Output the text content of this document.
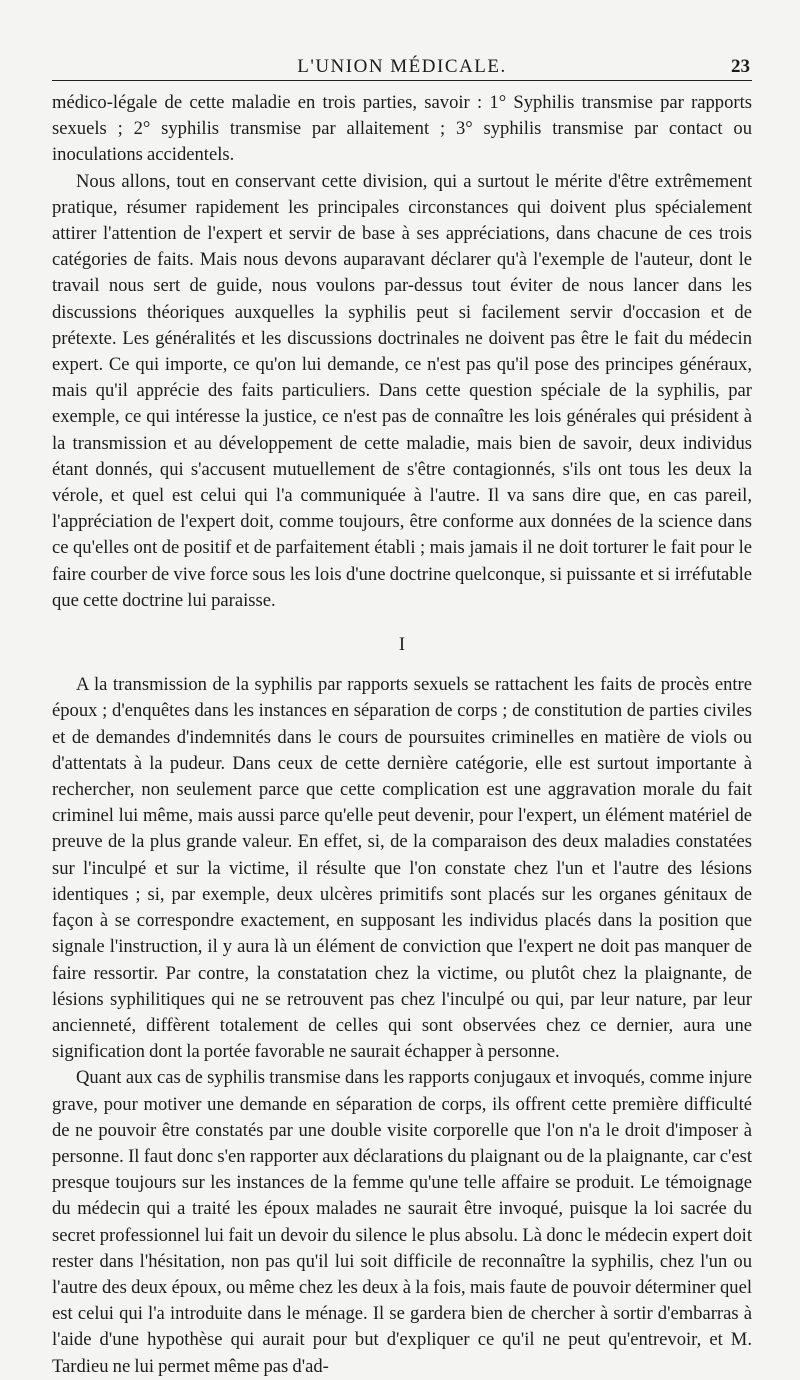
L'UNION MÉDICALE.	23

médico-légale de cette maladie en trois parties, savoir : 1° Syphilis transmise par rapports sexuels ; 2° syphilis transmise par allaitement ; 3° syphilis transmise par contact ou inoculations accidentels.

Nous allons, tout en conservant cette division, qui a surtout le mérite d'être extrêmement pratique, résumer rapidement les principales circonstances qui doivent plus spécialement attirer l'attention de l'expert et servir de base à ses appréciations, dans chacune de ces trois catégories de faits. Mais nous devons auparavant déclarer qu'à l'exemple de l'auteur, dont le travail nous sert de guide, nous voulons par-dessus tout éviter de nous lancer dans les discussions théoriques auxquelles la syphilis peut si facilement servir d'occasion et de prétexte. Les généralités et les discussions doctrinales ne doivent pas être le fait du médecin expert. Ce qui importe, ce qu'on lui demande, ce n'est pas qu'il pose des principes généraux, mais qu'il apprécie des faits particuliers. Dans cette question spéciale de la syphilis, par exemple, ce qui intéresse la justice, ce n'est pas de connaître les lois générales qui président à la transmission et au développement de cette maladie, mais bien de savoir, deux individus étant donnés, qui s'accusent mutuellement de s'être contagionnés, s'ils ont tous les deux la vérole, et quel est celui qui l'a communiquée à l'autre. Il va sans dire que, en cas pareil, l'appréciation de l'expert doit, comme toujours, être conforme aux données de la science dans ce qu'elles ont de positif et de parfaitement établi ; mais jamais il ne doit torturer le fait pour le faire courber de vive force sous les lois d'une doctrine quelconque, si puissante et si irréfutable que cette doctrine lui paraisse.

I

A la transmission de la syphilis par rapports sexuels se rattachent les faits de procès entre époux ; d'enquêtes dans les instances en séparation de corps ; de constitution de parties civiles et de demandes d'indemnités dans le cours de poursuites criminelles en matière de viols ou d'attentats à la pudeur. Dans ceux de cette dernière catégorie, elle est surtout importante à rechercher, non seulement parce que cette complication est une aggravation morale du fait criminel lui même, mais aussi parce qu'elle peut devenir, pour l'expert, un élément matériel de preuve de la plus grande valeur. En effet, si, de la comparaison des deux maladies constatées sur l'inculpé et sur la victime, il résulte que l'on constate chez l'un et l'autre des lésions identiques ; si, par exemple, deux ulcères primitifs sont placés sur les organes génitaux de façon à se correspondre exactement, en supposant les individus placés dans la position que signale l'instruction, il y aura là un élément de conviction que l'expert ne doit pas manquer de faire ressortir. Par contre, la constatation chez la victime, ou plutôt chez la plaignante, de lésions syphilitiques qui ne se retrouvent pas chez l'inculpé ou qui, par leur nature, par leur ancienneté, diffèrent totalement de celles qui sont observées chez ce dernier, aura une signification dont la portée favorable ne saurait échapper à personne.

Quant aux cas de syphilis transmise dans les rapports conjugaux et invoqués, comme injure grave, pour motiver une demande en séparation de corps, ils offrent cette première difficulté de ne pouvoir être constatés par une double visite corporelle que l'on n'a le droit d'imposer à personne. Il faut donc s'en rapporter aux déclarations du plaignant ou de la plaignante, car c'est presque toujours sur les instances de la femme qu'une telle affaire se produit. Le témoignage du médecin qui a traité les époux malades ne saurait être invoqué, puisque la loi sacrée du secret professionnel lui fait un devoir du silence le plus absolu. Là donc le médecin expert doit rester dans l'hésitation, non pas qu'il lui soit difficile de reconnaître la syphilis, chez l'un ou l'autre des deux époux, ou même chez les deux à la fois, mais faute de pouvoir déterminer quel est celui qui l'a introduite dans le ménage. Il se gardera bien de chercher à sortir d'embarras à l'aide d'une hypothèse qui aurait pour but d'expliquer ce qu'il ne peut qu'entrevoir, et M. Tardieu ne lui permet même pas d'ad-
